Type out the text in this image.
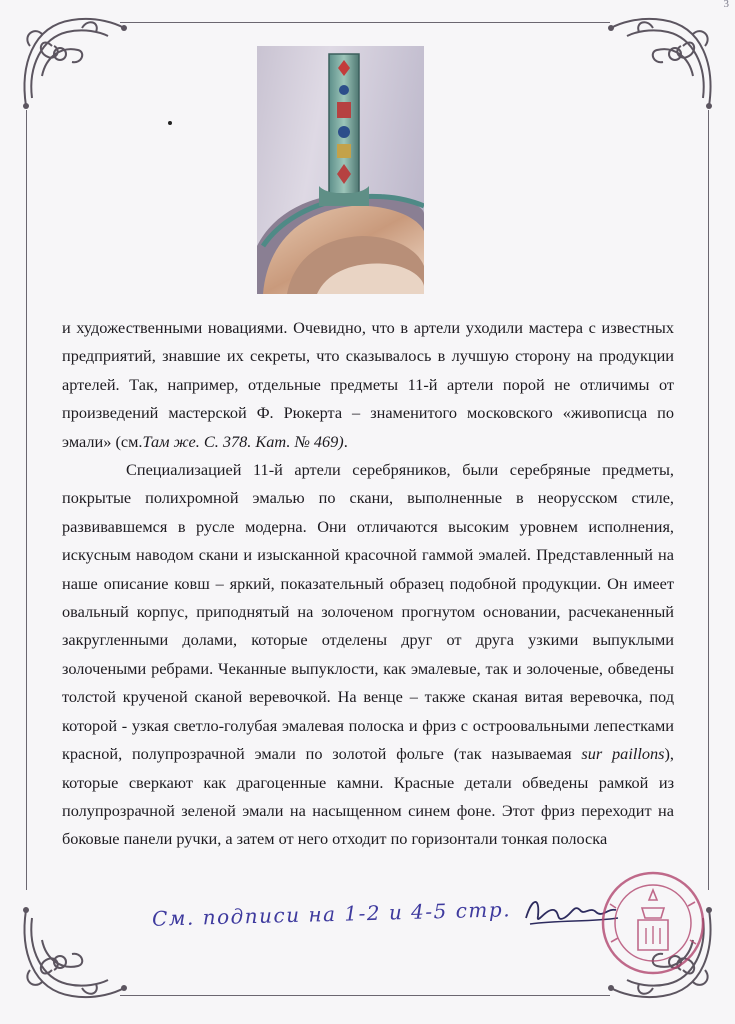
3

и художественными новациями. Очевидно, что в артели уходили мастера с известных предприятий, знавшие их секреты, что сказывалось в лучшую сторону на продукции артелей. Так, например, отдельные предметы 11-й артели порой не отличимы от произведений мастерской Ф. Рюкерта – знаменитого московского «живописца по эмали» (см.Там же. С. 378. Кат. № 469).

Специализацией 11-й артели серебряников, были серебряные предметы, покрытые полихромной эмалью по скани, выполненные в неорусском стиле, развивавшемся в русле модерна. Они отличаются высоким уровнем исполнения, искусным наводом скани и изысканной красочной гаммой эмалей. Представленный на наше описание ковш – яркий, показательный образец подобной продукции. Он имеет овальный корпус, приподнятый на золоченом прогнутом основании, расчеканенный закругленными долами, которые отделены друг от друга узкими выпуклыми золочеными ребрами. Чеканные выпуклости, как эмалевые, так и золоченые, обведены толстой крученой сканой веревочкой. На венце – также сканая витая веревочка, под которой - узкая светло-голубая эмалевая полоска и фриз с остроовальными лепестками красной, полупрозрачной эмали по золотой фольге (так называемая sur paillons), которые сверкают как драгоценные камни. Красные детали обведены рамкой из полупрозрачной зеленой эмали на насыщенном синем фоне. Этот фриз переходит на боковые панели ручки, а затем от него отходит по горизонтали тонкая полоска

См. подписи на 1-2 и 4-5 стр.
